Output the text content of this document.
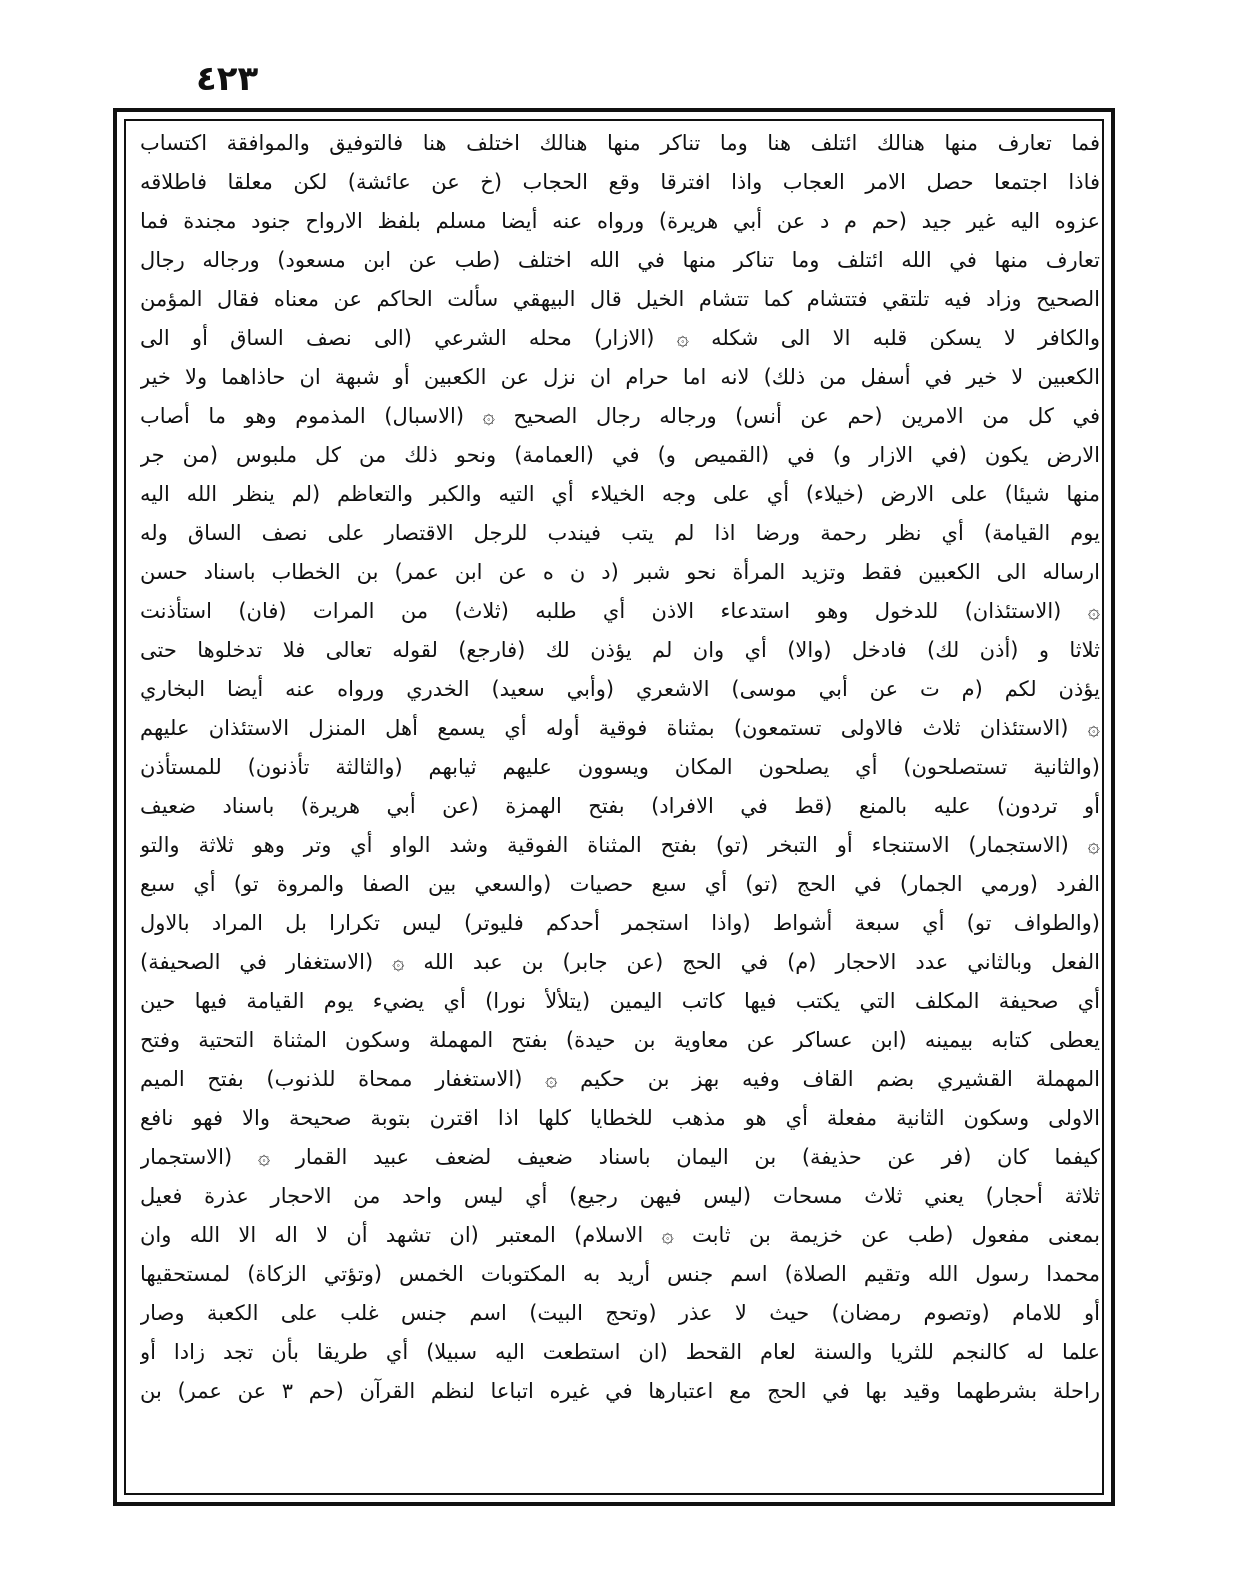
٤٢٣
فما تعارف منها هنالك ائتلف هنا وما تناكر منها هنالك اختلف هنا فالتوفيق والموافقة اكتساب
فاذا اجتمعا حصل الامر العجاب واذا افترقا وقع الحجاب (خ عن عائشة) لكن معلقا فاطلاقه
عزوه اليه غير جيد (حم م د عن أبي هريرة) ورواه عنه أيضا مسلم بلفظ الارواح جنود مجندة فما
تعارف منها في الله ائتلف وما تناكر منها في الله اختلف (طب عن ابن مسعود) ورجاله رجال
الصحيح وزاد فيه تلتقي فتتشام كما تتشام الخيل قال البيهقي سألت الحاكم عن معناه فقال المؤمن
والكافر لا يسكن قلبه الا الى شكله ۞ (الازار) محله الشرعي (الى نصف الساق أو الى
الكعبين لا خير في أسفل من ذلك) لانه اما حرام ان نزل عن الكعبين أو شبهة ان حاذاهما ولا خير
في كل من الامرين (حم عن أنس) ورجاله رجال الصحيح ۞ (الاسبال) المذموم وهو ما أصاب
الارض يكون (في الازار و) في (القميص و) في (العمامة) ونحو ذلك من كل ملبوس (من جر
منها شيئا) على الارض (خيلاء) أي على وجه الخيلاء أي التيه والكبر والتعاظم (لم ينظر الله اليه
يوم القيامة) أي نظر رحمة ورضا اذا لم يتب فيندب للرجل الاقتصار على نصف الساق وله
ارساله الى الكعبين فقط وتزيد المرأة نحو شبر (د ن ه عن ابن عمر) بن الخطاب باسناد حسن
۞ (الاستئذان) للدخول وهو استدعاء الاذن أي طلبه (ثلاث) من المرات (فان) استأذنت
ثلاثا و (أذن لك) فادخل (والا) أي وان لم يؤذن لك (فارجع) لقوله تعالى فلا تدخلوها حتى
يؤذن لكم (م ت عن أبي موسى) الاشعري (وأبي سعيد) الخدري ورواه عنه أيضا البخاري
۞ (الاستئذان ثلاث فالاولى تستمعون) بمثناة فوقية أوله أي يسمع أهل المنزل الاستئذان عليهم
(والثانية تستصلحون) أي يصلحون المكان ويسوون عليهم ثيابهم (والثالثة تأذنون) للمستأذن
أو تردون) عليه بالمنع (قط في الافراد) بفتح الهمزة (عن أبي هريرة) باسناد ضعيف
۞ (الاستجمار) الاستنجاء أو التبخر (تو) بفتح المثناة الفوقية وشد الواو أي وتر وهو ثلاثة والتو
الفرد (ورمي الجمار) في الحج (تو) أي سبع حصيات (والسعي بين الصفا والمروة تو) أي سبع
(والطواف تو) أي سبعة أشواط (واذا استجمر أحدكم فليوتر) ليس تكرارا بل المراد بالاول
الفعل وبالثاني عدد الاحجار (م) في الحج (عن جابر) بن عبد الله ۞ (الاستغفار في الصحيفة)
أي صحيفة المكلف التي يكتب فيها كاتب اليمين (يتلألأ نورا) أي يضيء يوم القيامة فيها حين
يعطى كتابه بيمينه (ابن عساكر عن معاوية بن حيدة) بفتح المهملة وسكون المثناة التحتية وفتح
المهملة القشيري بضم القاف وفيه بهز بن حكيم ۞ (الاستغفار ممحاة للذنوب) بفتح الميم
الاولى وسكون الثانية مفعلة أي هو مذهب للخطايا كلها اذا اقترن بتوبة صحيحة والا فهو نافع
كيفما كان (فر عن حذيفة) بن اليمان باسناد ضعيف لضعف عبيد القمار ۞ (الاستجمار
ثلاثة أحجار) يعني ثلاث مسحات (ليس فيهن رجيع) أي ليس واحد من الاحجار عذرة فعيل
بمعنى مفعول (طب عن خزيمة بن ثابت ۞ الاسلام) المعتبر (ان تشهد أن لا اله الا الله وان
محمدا رسول الله وتقيم الصلاة) اسم جنس أريد به المكتوبات الخمس (وتؤتي الزكاة) لمستحقيها
أو للامام (وتصوم رمضان) حيث لا عذر (وتحج البيت) اسم جنس غلب على الكعبة وصار
علما له كالنجم للثريا والسنة لعام القحط (ان استطعت اليه سبيلا) أي طريقا بأن تجد زادا أو
راحلة بشرطهما وقيد بها في الحج مع اعتبارها في غيره اتباعا لنظم القرآن (حم ٣ عن عمر) بن
